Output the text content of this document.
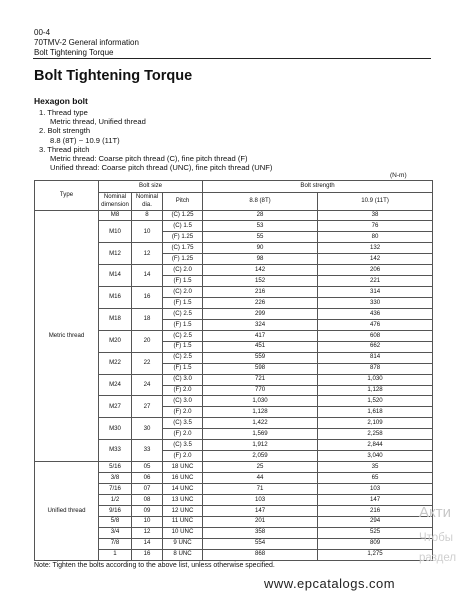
00-4
70TMV-2 General information
Bolt Tightening Torque
Bolt Tightening Torque
Hexagon bolt
1. Thread type
Metric thread, Unified thread
2. Bolt strength
8.8 (8T) ~ 10.9 (11T)
3. Thread pitch
Metric thread: Coarse pitch thread (C), fine pitch thread (F)
Unified thread: Coarse pitch thread (UNC), fine pitch thread (UNF)
(N-m)
Type	Bolt size			Bolt strength	
	Nominal dimension	Nominal dia.	Pitch	8.8 (8T)	10.9 (11T)
Metric thread	M8	8	(C) 1.25	28	38
	M10	10	(C) 1.5	53	76
			(F) 1.25	55	80
	M12	12	(C) 1.75	90	132
			(F) 1.25	98	142
	M14	14	(C) 2.0	142	206
			(F) 1.5	152	221
	M16	16	(C) 2.0	216	314
			(F) 1.5	226	330
	M18	18	(C) 2.5	299	436
			(F) 1.5	324	476
	M20	20	(C) 2.5	417	608
			(F) 1.5	451	662
	M22	22	(C) 2.5	559	814
			(F) 1.5	598	878
	M24	24	(C) 3.0	721	1,030
			(F) 2.0	770	1,128
	M27	27	(C) 3.0	1,030	1,520
			(F) 2.0	1,128	1,618
	M30	30	(C) 3.5	1,422	2,109
			(F) 2.0	1,569	2,258
	M33	33	(C) 3.5	1,912	2,844
			(F) 2.0	2,059	3,040
Unified thread	5/16	05	18 UNC	25	35
	3/8	06	16 UNC	44	65
	7/16	07	14 UNC	71	103
	1/2	08	13 UNC	103	147
	9/16	09	12 UNC	147	216
	5/8	10	11 UNC	201	294
	3/4	12	10 UNC	358	525
	7/8	14	9 UNC	554	809
	1	16	8 UNC	868	1,275
Note: Tighten the bolts according to the above list, unless otherwise specified.
Акти
Чтобы
раздел
www.epcatalogs.com
